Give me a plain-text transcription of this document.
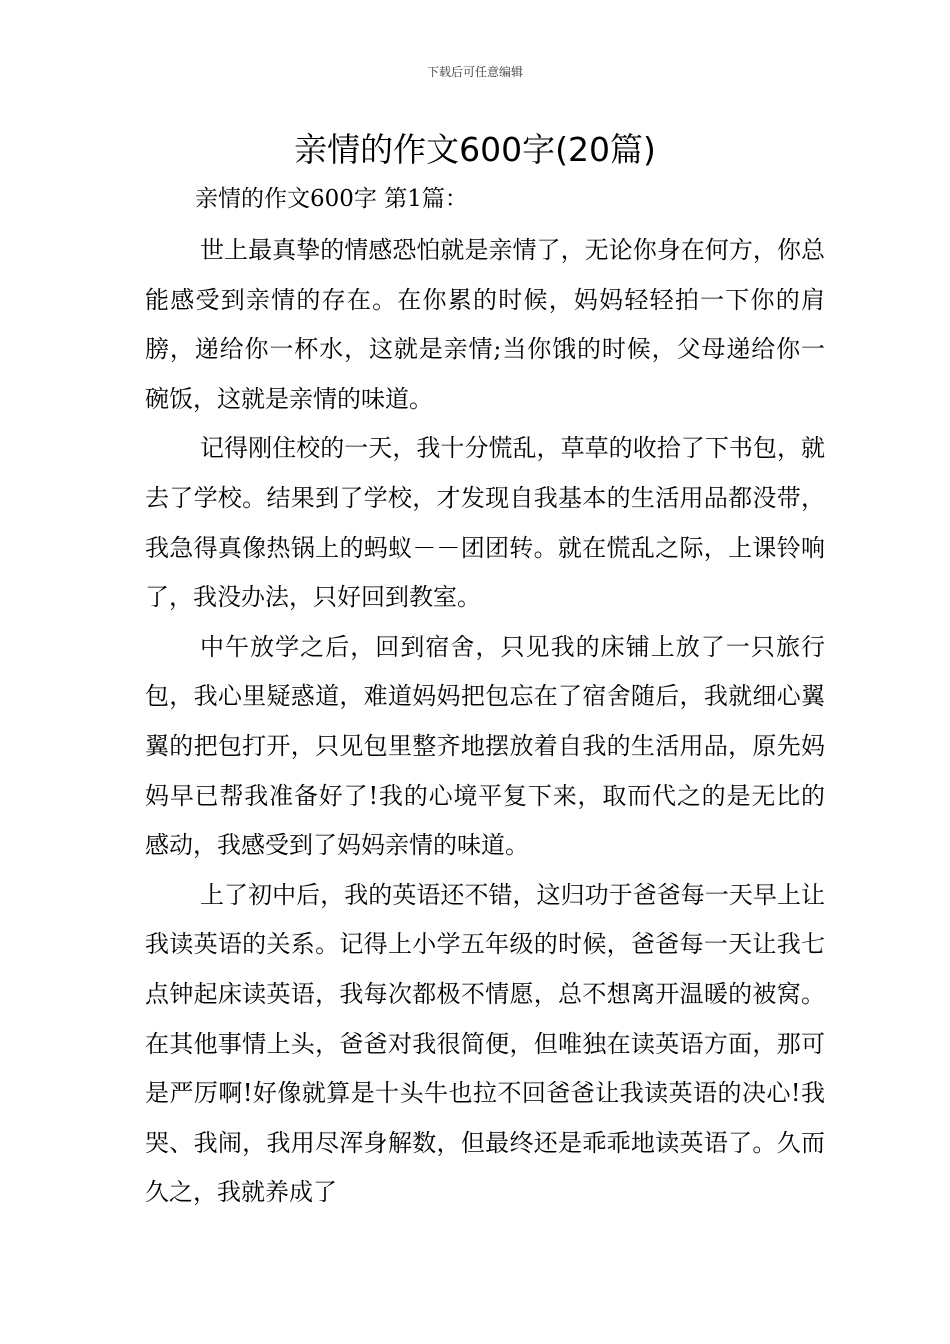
下载后可任意编辑
亲情的作文600字(20篇)
亲情的作文600字 第1篇：

世上最真挚的情感恐怕就是亲情了，无论你身在何方，你总能感受到亲情的存在。在你累的时候，妈妈轻轻拍一下你的肩膀，递给你一杯水，这就是亲情;当你饿的时候，父母递给你一碗饭，这就是亲情的味道。

记得刚住校的一天，我十分慌乱，草草的收拾了下书包，就去了学校。结果到了学校，才发现自我基本的生活用品都没带，我急得真像热锅上的蚂蚁－－团团转。就在慌乱之际，上课铃响了，我没办法，只好回到教室。

中午放学之后，回到宿舍，只见我的床铺上放了一只旅行包，我心里疑惑道，难道妈妈把包忘在了宿舍随后，我就细心翼翼的把包打开，只见包里整齐地摆放着自我的生活用品，原先妈妈早已帮我准备好了!我的心境平复下来，取而代之的是无比的感动，我感受到了妈妈亲情的味道。

上了初中后，我的英语还不错，这归功于爸爸每一天早上让我读英语的关系。记得上小学五年级的时候，爸爸每一天让我七点钟起床读英语，我每次都极不情愿，总不想离开温暖的被窝。在其他事情上头，爸爸对我很简便，但唯独在读英语方面，那可是严厉啊!好像就算是十头牛也拉不回爸爸让我读英语的决心!我哭、我闹，我用尽浑身解数，但最终还是乖乖地读英语了。久而久之，我就养成了
